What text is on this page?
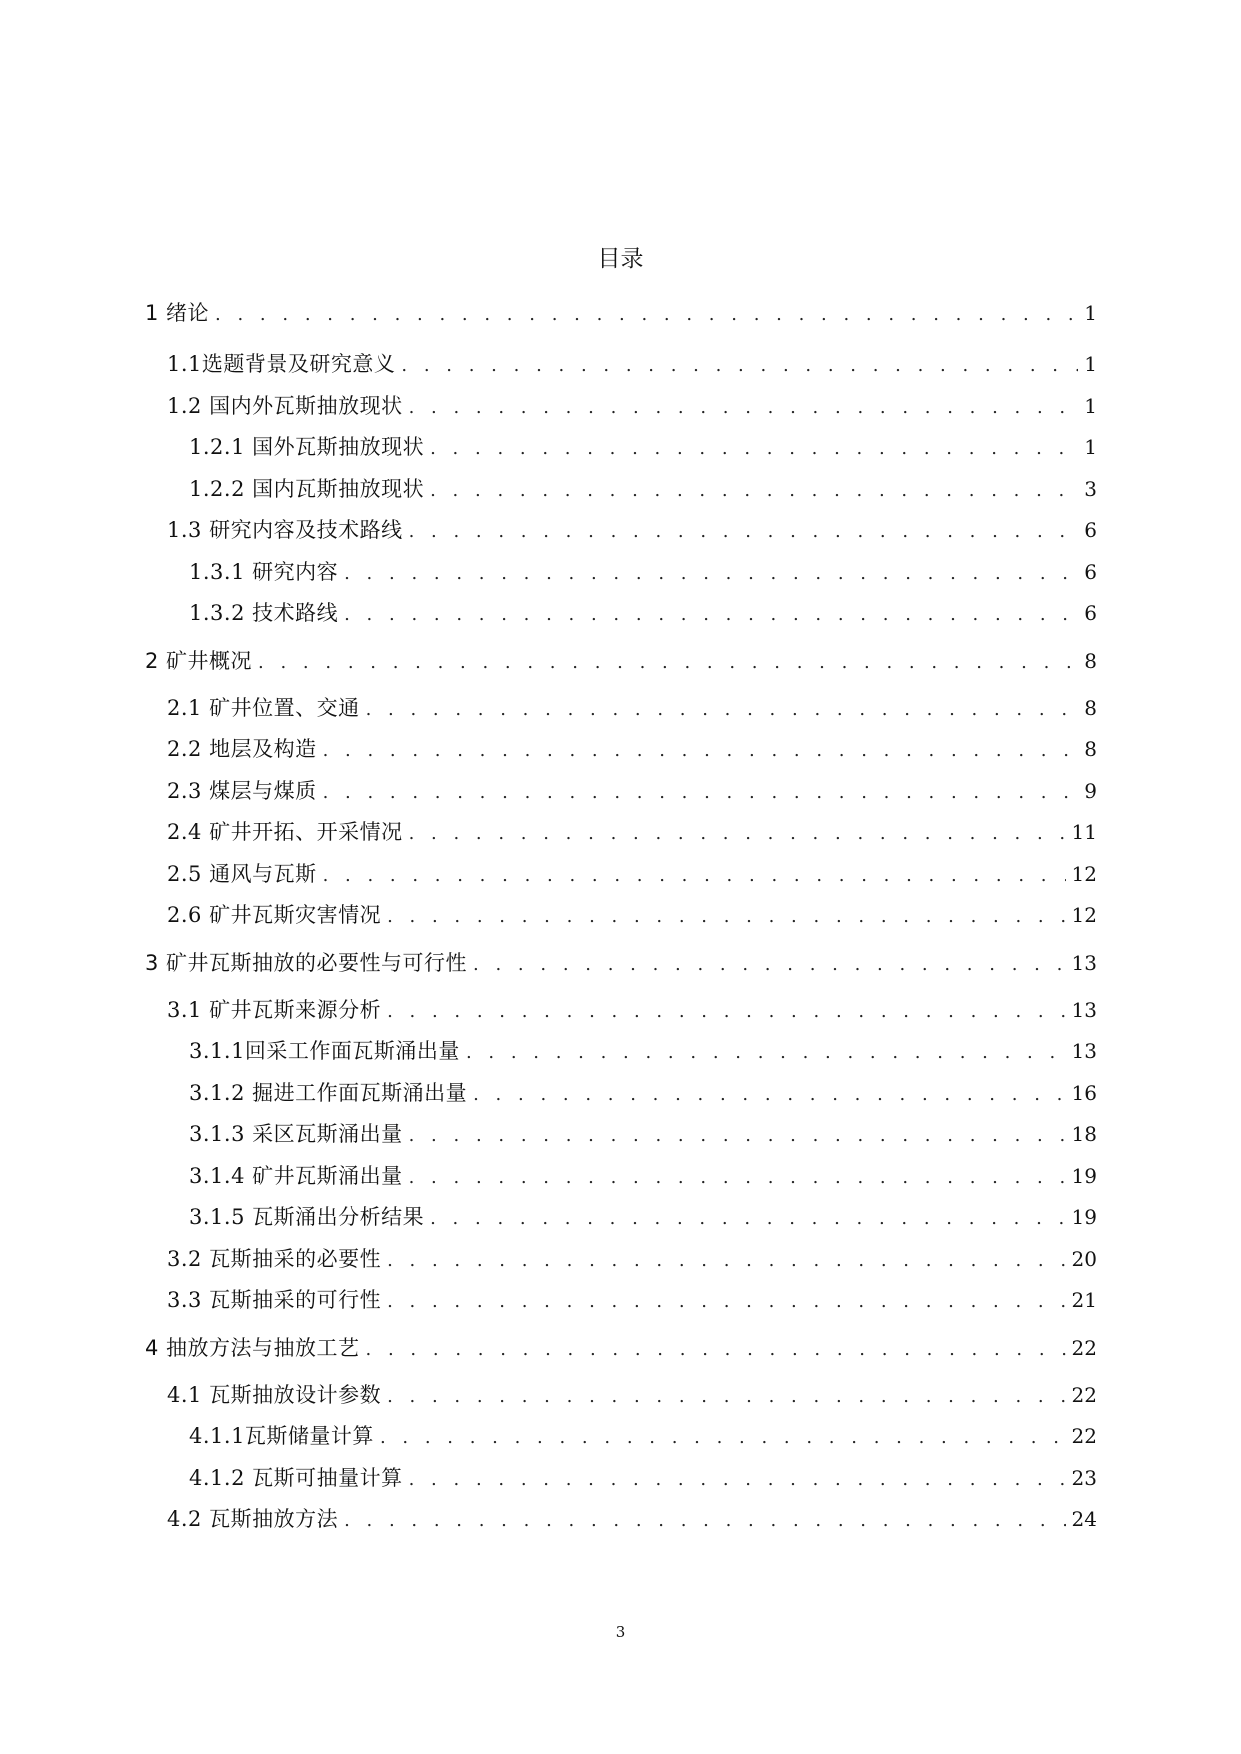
目录
1 绪论 . . .	1
1.1选题背景及研究意义 . . .	1
1.2 国内外瓦斯抽放现状 . . .	1
1.2.1 国外瓦斯抽放现状 . . .	1
1.2.2 国内瓦斯抽放现状 . . .	3
1.3 研究内容及技术路线 . . .	6
1.3.1 研究内容 . . .	6
1.3.2 技术路线 . . .	6
2 矿井概况 . . .	8
2.1 矿井位置、交通 . . .	8
2.2 地层及构造 . . .	8
2.3 煤层与煤质 . . .	9
2.4 矿井开拓、开采情况 . . .	11
2.5 通风与瓦斯 . . .	12
2.6 矿井瓦斯灾害情况 . . .	12
3 矿井瓦斯抽放的必要性与可行性 . . .	13
3.1 矿井瓦斯来源分析 . . .	13
3.1.1回采工作面瓦斯涌出量 . . .	13
3.1.2 掘进工作面瓦斯涌出量 . . .	16
3.1.3 采区瓦斯涌出量 . . .	18
3.1.4 矿井瓦斯涌出量 . . .	19
3.1.5 瓦斯涌出分析结果 . . .	19
3.2 瓦斯抽采的必要性 . . .	20
3.3 瓦斯抽采的可行性 . . .	21
4 抽放方法与抽放工艺 . . .	22
4.1 瓦斯抽放设计参数 . . .	22
4.1.1瓦斯储量计算 . . .	22
4.1.2 瓦斯可抽量计算 . . .	23
4.2 瓦斯抽放方法 . . .	24
3
